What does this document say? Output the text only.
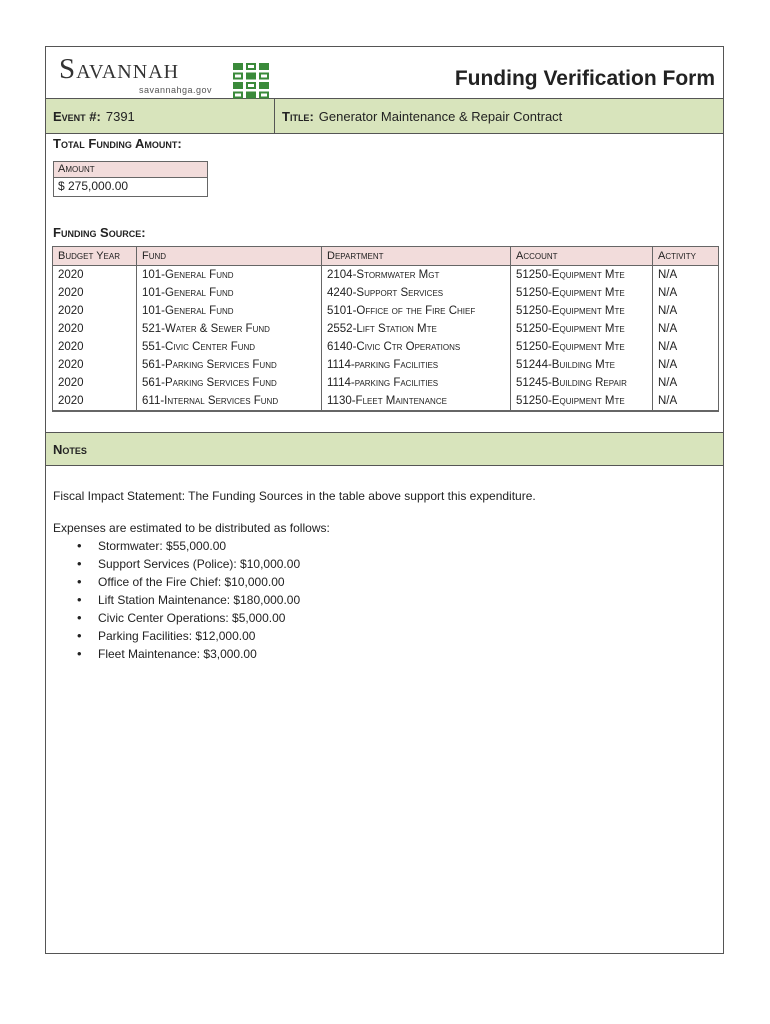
Savannah
savannahga.gov	Funding Verification Form
Event #: 7391	Title: Generator Maintenance & Repair Contract
Total Funding Amount:
Amount
$ 275,000.00
Funding Source:
Budget Year	Fund	Department	Account	Activity
2020	101-General Fund	2104-Stormwater Mgt	51250-Equipment Mte	N/A
2020	101-General Fund	4240-Support Services	51250-Equipment Mte	N/A
2020	101-General Fund	5101-Office of the Fire Chief	51250-Equipment Mte	N/A
2020	521-Water & Sewer Fund	2552-Lift Station Mte	51250-Equipment Mte	N/A
2020	551-Civic Center Fund	6140-Civic Ctr Operations	51250-Equipment Mte	N/A
2020	561-Parking Services Fund	1114-parking Facilities	51244-Building Mte	N/A
2020	561-Parking Services Fund	1114-parking Facilities	51245-Building Repair	N/A
2020	611-Internal Services Fund	1130-Fleet Maintenance	51250-Equipment Mte	N/A
Notes

Fiscal Impact Statement: The Funding Sources in the table above support this expenditure.

Expenses are estimated to be distributed as follows:

• Stormwater: $55,000.00
• Support Services (Police): $10,000.00
• Office of the Fire Chief: $10,000.00
• Lift Station Maintenance: $180,000.00
• Civic Center Operations: $5,000.00
• Parking Facilities: $12,000.00
• Fleet Maintenance: $3,000.00
